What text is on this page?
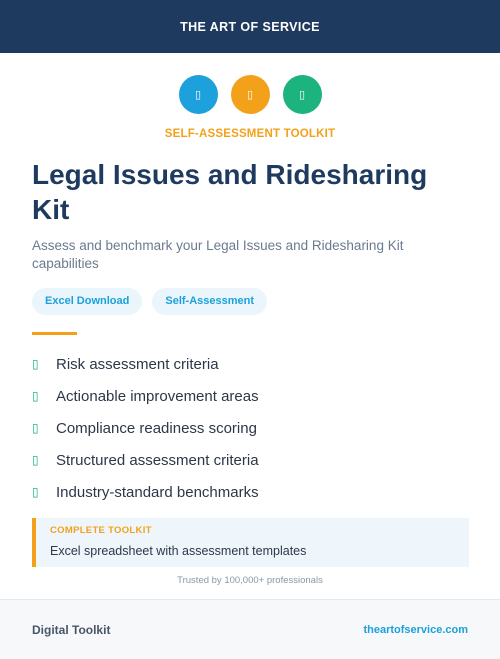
THE ART OF SERVICE
▯	▯	▯
SELF-ASSESSMENT TOOLKIT
Legal Issues and Ridesharing Kit

Assess and benchmark your Legal Issues and Ridesharing Kit capabilities

Excel Download	Self-Assessment
▯	Risk assessment criteria
▯	Actionable improvement areas
▯	Compliance readiness scoring
▯	Structured assessment criteria
▯	Industry-standard benchmarks
COMPLETE TOOLKIT
Excel spreadsheet with assessment templates
Trusted by 100,000+ professionals
Digital Toolkit	theartofservice.com
